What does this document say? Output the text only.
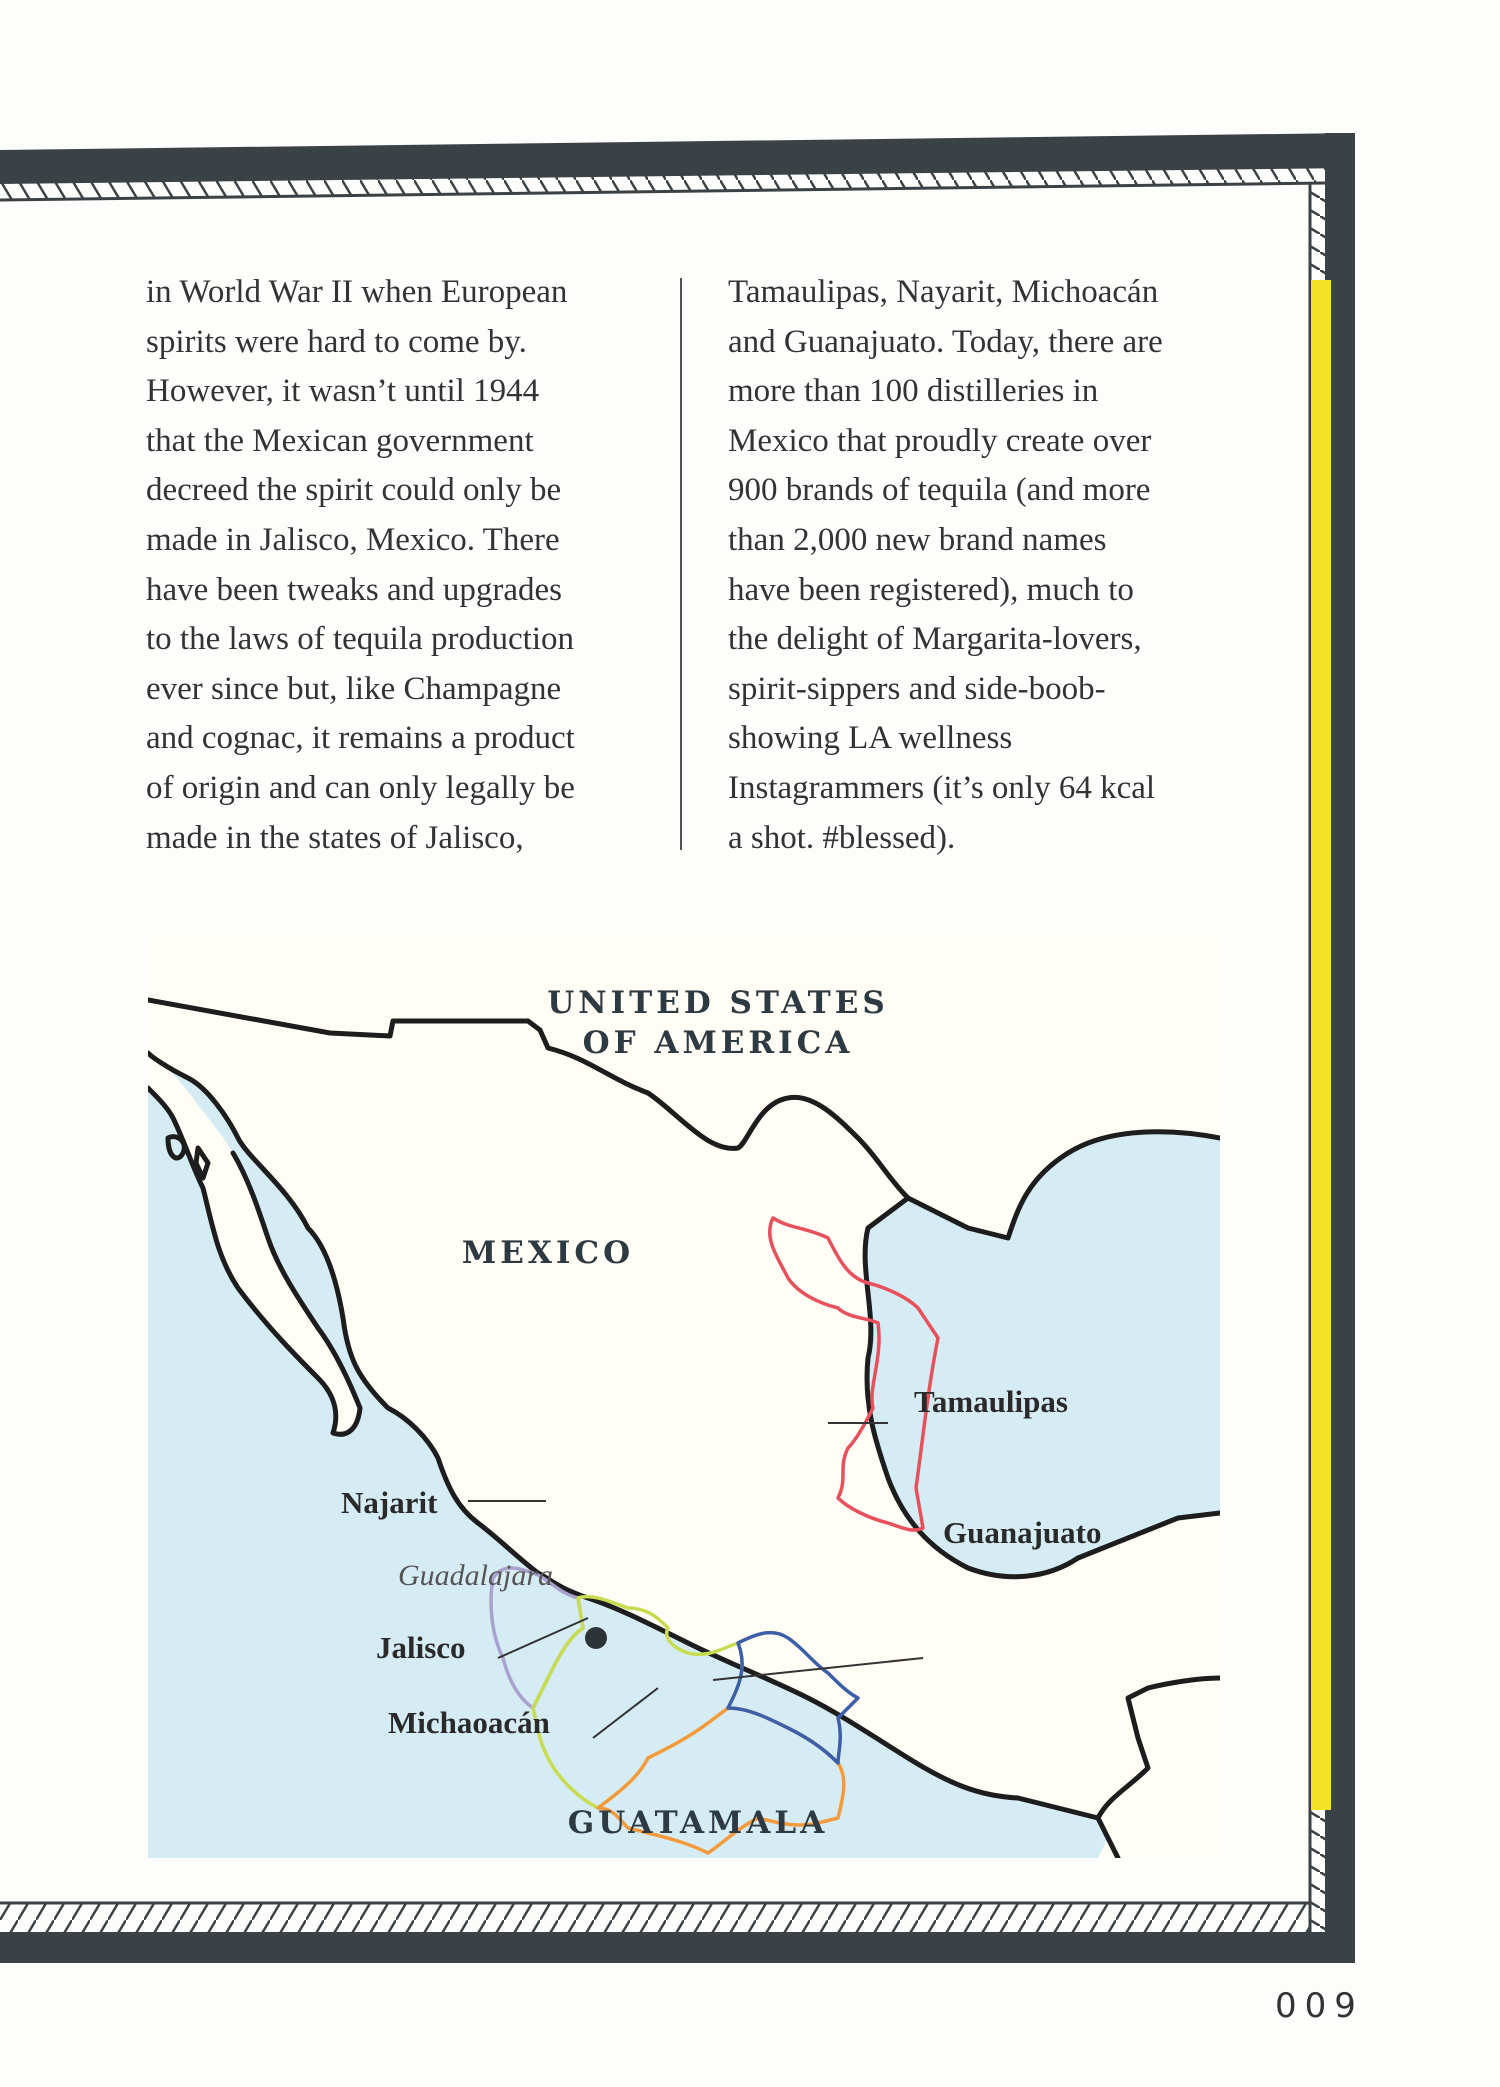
in World War II when European

spirits were hard to come by.

However, it wasn’t until 1944

that the Mexican government

decreed the spirit could only be

made in Jalisco, Mexico. There

have been tweaks and upgrades

to the laws of tequila production

ever since but, like Champagne

and cognac, it remains a product

of origin and can only legally be

made in the states of Jalisco,

Tamaulipas, Nayarit, Michoacán

and Guanajuato. Today, there are

more than 100 distilleries in

Mexico that proudly create over

900 brands of tequila (and more

than 2,000 new brand names

have been registered), much to

the delight of Margarita-lovers,

spirit-sippers and side-boob-

showing LA wellness

Instagrammers (it’s only 64 kcal

a shot. #blessed).

UNITED STATES
OF AMERICA
MEXICO
GUATAMALA
Tamaulipas
Guanajuato
Najarit
Jalisco
Michaoacán
Guadalajara
009
